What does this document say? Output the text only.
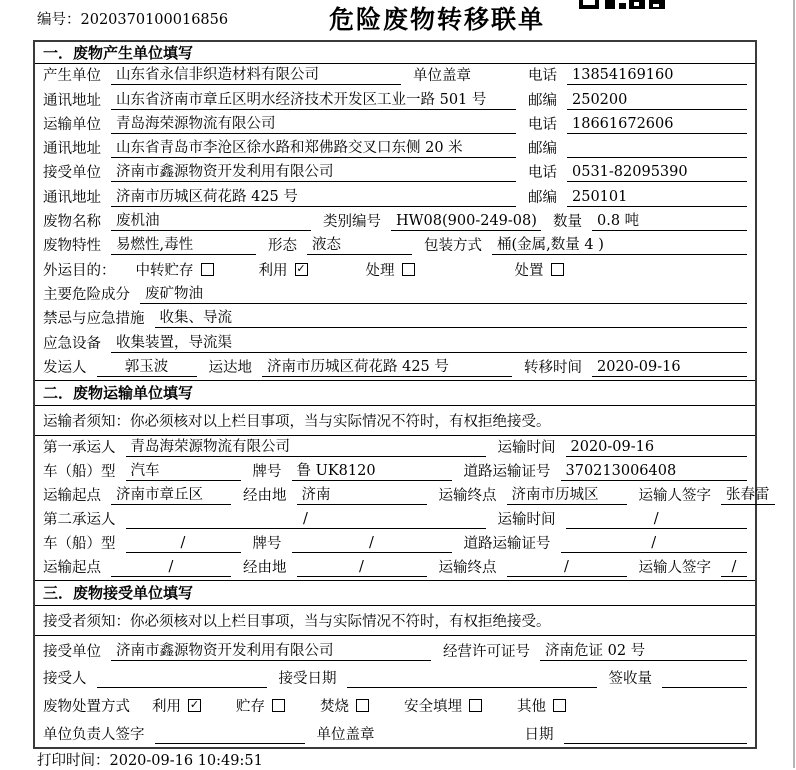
编号：2020370100016856	危险废物转移联单
一．废物产生单位填写
产生单位	山东省永信非织造材料有限公司	单位盖章	电话	13854169160
通讯地址	山东省济南市章丘区明水经济技术开发区工业一路 501 号	邮编	250200
运输单位	青岛海荣源物流有限公司	电话	18661672606
通讯地址	山东省青岛市李沧区徐水路和郑佛路交叉口东侧 20 米	邮编
接受单位	济南市鑫源物资开发利用有限公司	电话	0531-82095390
通讯地址	济南市历城区荷花路 425 号	邮编	250101
废物名称	废机油	类别编号	HW08(900-249-08) 数量	0.8 吨
废物特性	易燃性,毒性	形态	液态	包装方式	桶(金属,数量 4 )
外运目的： 中转贮存	利用 ✓	处理	处置
主要危险成分	废矿物油
禁忌与应急措施	收集、导流
应急设备	收集装置，导流渠
发运人	郭玉波	运达地	济南市历城区荷花路 425 号	转移时间	2020-09-16
二．废物运输单位填写
运输者须知：你必须核对以上栏目事项，当与实际情况不符时，有权拒绝接受。
第一承运人	青岛海荣源物流有限公司	运输时间	2020-09-16
车（船）型	汽车	牌号	鲁 UK8120	道路运输证号	370213006408
运输起点	济南市章丘区	经由地	济南	运输终点	济南市历城区	运输人签字	张春雷
第二承运人	/	运输时间	/
车（船）型	/	牌号	/	道路运输证号	/
运输起点	/	经由地	/	运输终点	/	运输人签字	/
三．废物接受单位填写
接受者须知：你必须核对以上栏目事项，当与实际情况不符时，有权拒绝接受。
接受单位	济南市鑫源物资开发利用有限公司	经营许可证号	济南危证 02 号
接受人	接受日期	签收量
废物处置方式 利用 ✓	贮存	焚烧	安全填埋	其他
单位负责人签字	单位盖章	日期
打印时间：2020-09-16 10:49:51
